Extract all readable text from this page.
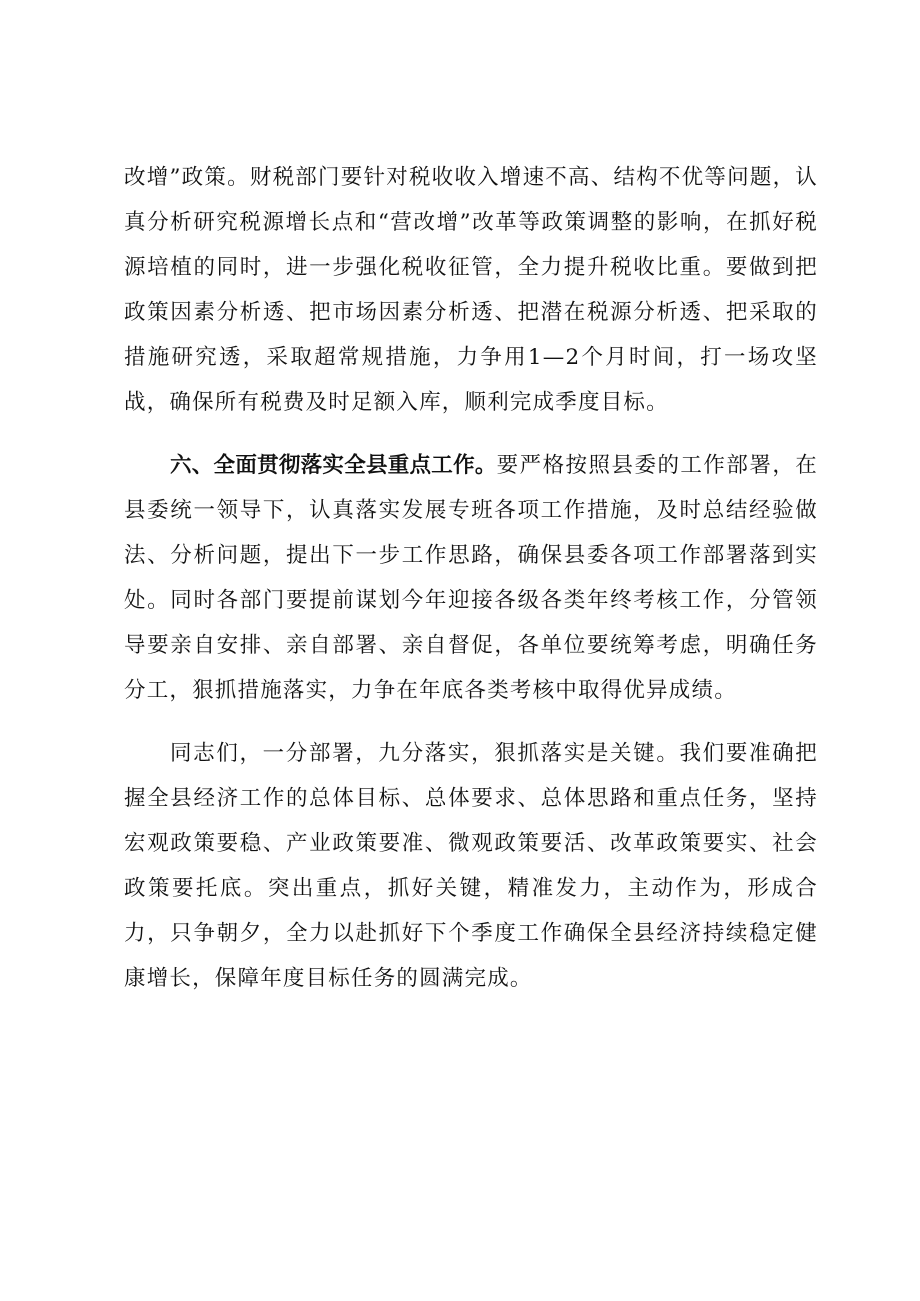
改增”政策。财税部门要针对税收收入增速不高、结构不优等问题，认真分析研究税源增长点和“营改增”改革等政策调整的影响，在抓好税源培植的同时，进一步强化税收征管，全力提升税收比重。要做到把政策因素分析透、把市场因素分析透、把潜在税源分析透、把采取的措施研究透，采取超常规措施，力争用1—2个月时间，打一场攻坚战，确保所有税费及时足额入库，顺利完成季度目标。

六、全面贯彻落实全县重点工作。要严格按照县委的工作部署，在县委统一领导下，认真落实发展专班各项工作措施，及时总结经验做法、分析问题，提出下一步工作思路，确保县委各项工作部署落到实处。同时各部门要提前谋划今年迎接各级各类年终考核工作，分管领导要亲自安排、亲自部署、亲自督促，各单位要统筹考虑，明确任务分工，狠抓措施落实，力争在年底各类考核中取得优异成绩。

同志们，一分部署，九分落实，狠抓落实是关键。我们要准确把握全县经济工作的总体目标、总体要求、总体思路和重点任务，坚持宏观政策要稳、产业政策要准、微观政策要活、改革政策要实、社会政策要托底。突出重点，抓好关键，精准发力，主动作为，形成合力，只争朝夕，全力以赴抓好下个季度工作确保全县经济持续稳定健康增长，保障年度目标任务的圆满完成。
